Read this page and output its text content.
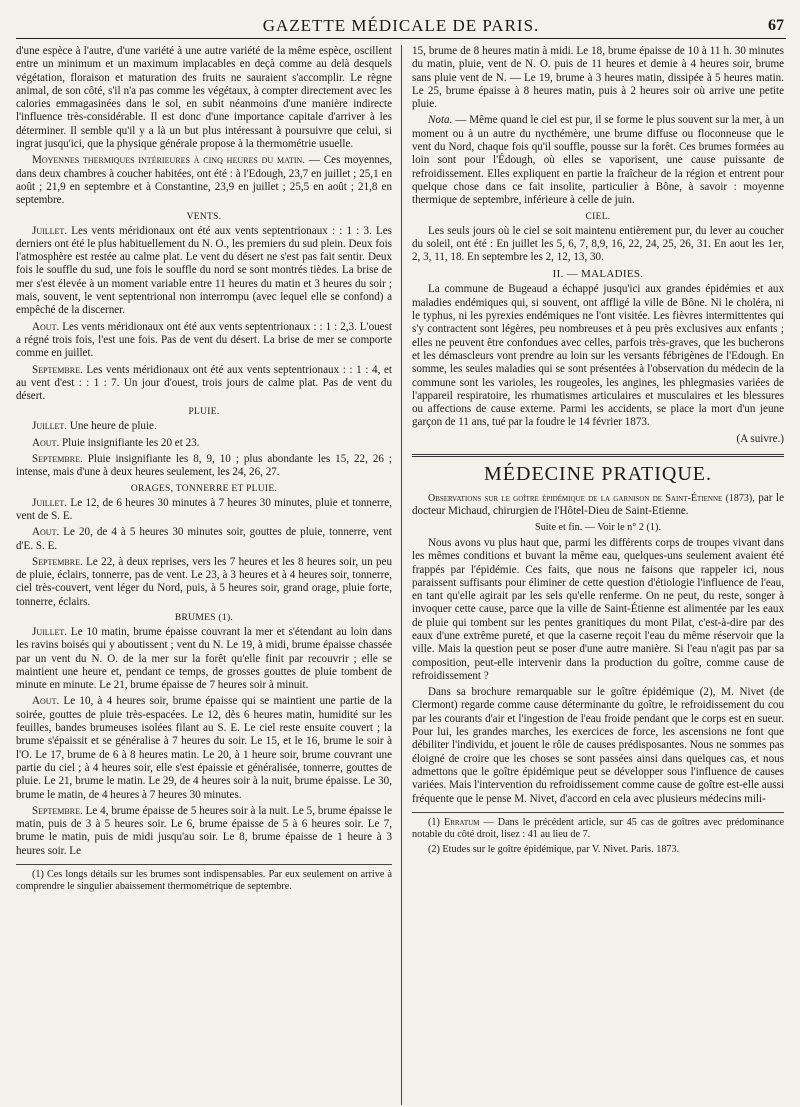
GAZETTE MÉDICALE DE PARIS.	67

d'une espèce à l'autre, d'une variété à une autre variété de la même espèce, oscillent entre un minimum et un maximum implacables en deçà comme au delà desquels végétation, floraison et maturation des fruits ne sauraient s'accomplir. Le règne animal, de son côté, s'il n'a pas comme les végétaux, à compter directement avec les calories emmagasinées dans le sol, en subit néanmoins d'une manière indirecte l'influence très-considérable. Il est donc d'une importance capitale d'arriver à les déterminer. Il semble qu'il y a là un but plus intéressant à poursuivre que celui, si ingrat jusqu'ici, que la physique générale propose à la thermométrie usuelle.

Moyennes thermiques intérieures à cinq heures du matin. — Ces moyennes, dans deux chambres à coucher habitées, ont été : à l'Edough, 23,7 en juillet ; 25,1 en août ; 21,9 en septembre et à Constantine, 23,9 en juillet ; 25,5 en août ; 21,8 en septembre.

VENTS.

Juillet. Les vents méridionaux ont été aux vents septentrionaux : : 1 : 3. Les derniers ont été le plus habituellement du N. O., les premiers du sud plein. Deux fois l'atmosphère est restée au calme plat. Le vent du désert ne s'est pas fait sentir. Deux fois le souffle du sud, une fois le souffle du nord se sont montrés tièdes. La brise de mer s'est élevée à un moment variable entre 11 heures du matin et 3 heures du soir ; mais, souvent, le vent septentrional non interrompu (avec lequel elle se confond) a empêché de la discerner.

Aout. Les vents méridionaux ont été aux vents septentrionaux : : 1 : 2,3. L'ouest a régné trois fois, l'est une fois. Pas de vent du désert. La brise de mer se comporte comme en juillet.

Septembre. Les vents méridionaux ont été aux vents septentrionaux : : 1 : 4, et au vent d'est : : 1 : 7. Un jour d'ouest, trois jours de calme plat. Pas de vent du désert.

PLUIE.

Juillet. Une heure de pluie.

Aout. Pluie insignifiante les 20 et 23.

Septembre. Pluie insignifiante les 8, 9, 10 ; plus abondante les 15, 22, 26 ; intense, mais d'une à deux heures seulement, les 24, 26, 27.

ORAGES, TONNERRE ET PLUIE.

Juillet. Le 12, de 6 heures 30 minutes à 7 heures 30 minutes, pluie et tonnerre, vent de S. E.

Aout. Le 20, de 4 à 5 heures 30 minutes soir, gouttes de pluie, tonnerre, vent d'E. S. E.

Septembre. Le 22, à deux reprises, vers les 7 heures et les 8 heures soir, un peu de pluie, éclairs, tonnerre, pas de vent. Le 23, à 3 heures et à 4 heures soir, tonnerre, ciel très-couvert, vent léger du Nord, puis, à 5 heures soir, grand orage, pluie forte, tonnerre, éclairs.

BRUMES (1).

Juillet. Le 10 matin, brume épaisse couvrant la mer et s'étendant au loin dans les ravins boisés qui y aboutissent ; vent du N. Le 19, à midi, brume épaisse chassée par un vent du N. O. de la mer sur la forêt qu'elle finit par recouvrir ; elle se maintient une heure et, pendant ce temps, de grosses gouttes de pluie tombent de minute en minute. Le 21, brume épaisse de 7 heures soir à minuit.

Aout. Le 10, à 4 heures soir, brume épaisse qui se maintient une partie de la soirée, gouttes de pluie très-espacées. Le 12, dès 6 heures matin, humidité sur les feuilles, bandes brumeuses isolées filant au S. E. Le ciel reste ensuite couvert ; la brume s'épaissit et se généralise à 7 heures du soir. Le 15, et le 16, brume le soir à l'O. Le 17, brume de 6 à 8 heures matin. Le 20, à 1 heure soir, brume couvrant une partie du ciel ; à 4 heures soir, elle s'est épaissie et généralisée, tonnerre, gouttes de pluie. Le 21, brume le matin. Le 29, de 4 heures soir à la nuit, brume épaisse. Le 30, brume le matin, de 4 heures à 7 heures 30 minutes.

Septembre. Le 4, brume épaisse de 5 heures soir à la nuit. Le 5, brume épaisse le matin, puis de 3 à 5 heures soir. Le 6, brume épaisse de 5 à 6 heures soir. Le 7, brume le matin, puis de midi jusqu'au soir. Le 8, brume épaisse de 1 heure à 3 heures soir. Le

(1) Ces longs détails sur les brumes sont indispensables. Par eux seulement on arrive à comprendre le singulier abaissement thermométrique de septembre.

15, brume de 8 heures matin à midi. Le 18, brume épaisse de 10 à 11 h. 30 minutes du matin, pluie, vent de N. O. puis de 11 heures et demie à 4 heures soir, brume sans pluie vent de N. — Le 19, brume à 3 heures matin, dissipée à 5 heures matin. Le 25, brume épaisse à 8 heures matin, puis à 2 heures soir où arrive une petite pluie.

Nota. — Même quand le ciel est pur, il se forme le plus souvent sur la mer, à un moment ou à un autre du nycthémère, une brume diffuse ou floconneuse que le vent du Nord, chaque fois qu'il souffle, pousse sur la forêt. Ces brumes formées au loin sont pour l'Édough, où elles se vaporisent, une cause puissante de refroidissement. Elles expliquent en partie la fraîcheur de la région et entrent pour quelque chose dans ce fait insolite, particulier à Bône, à savoir : moyenne thermique de septembre, inférieure à celle de juin.

CIEL.

Les seuls jours où le ciel se soit maintenu entièrement pur, du lever au coucher du soleil, ont été : En juillet les 5, 6, 7, 8,9, 16, 22, 24, 25, 26, 31. En aout les 1er, 2, 3, 11, 18. En septembre les 2, 12, 13, 30.

II. — MALADIES.

La commune de Bugeaud a échappé jusqu'ici aux grandes épidémies et aux maladies endémiques qui, si souvent, ont affligé la ville de Bône. Ni le choléra, ni le typhus, ni les pyrexies endémiques ne l'ont visitée. Les fièvres intermittentes qui s'y contractent sont légères, peu nombreuses et à peu près exclusives aux enfants ; elles ne peuvent être confondues avec celles, parfois très-graves, que les bucherons et les démascleurs vont prendre au loin sur les versants fébrigènes de l'Edough. En somme, les seules maladies qui se sont présentées à l'observation du médecin de la commune sont les varioles, les rougeoles, les angines, les phlegmasies variées de l'appareil respiratoire, les rhumatismes articulaires et musculaires et les blessures ou affections de cause externe. Parmi les accidents, se place la mort d'un jeune garçon de 11 ans, tué par la foudre le 14 février 1873.

(A suivre.)

MÉDECINE PRATIQUE.

Observations sur le goître épidémique de la garnison de Saint-Étienne (1873), par le docteur Michaud, chirurgien de l'Hôtel-Dieu de Saint-Etienne.

Suite et fin. — Voir le n° 2 (1).

Nous avons vu plus haut que, parmi les différents corps de troupes vivant dans les mêmes conditions et buvant la même eau, quelques-uns seulement avaient été frappés par l'épidémie. Ces faits, que nous ne faisons que rappeler ici, nous paraissent suffisants pour éliminer de cette question d'étiologie l'influence de l'eau, en tant qu'elle agirait par les sels qu'elle renferme. On ne peut, du reste, songer à invoquer cette cause, parce que la ville de Saint-Étienne est alimentée par les eaux de pluie qui tombent sur les pentes granitiques du mont Pilat, c'est-à-dire par des eaux d'une extrême pureté, et que la caserne reçoit l'eau du même réservoir que la ville. Mais la question peut se poser d'une autre manière. Si l'eau n'agit pas par sa composition, peut-elle intervenir dans la production du goître, comme cause de refroidissement ?

Dans sa brochure remarquable sur le goître épidémique (2), M. Nivet (de Clermont) regarde comme cause déterminante du goître, le refroidissement du cou par les courants d'air et l'ingestion de l'eau froide pendant que le corps est en sueur. Pour lui, les grandes marches, les exercices de force, les ascensions ne font que débiliter l'individu, et jouent le rôle de causes prédisposantes. Nous ne sommes pas éloigné de croire que les choses se sont passées ainsi dans quelques cas, et nous admettons que le goître épidémique peut se développer sous l'influence de causes variées. Mais l'intervention du refroidissement comme cause de goître est-elle aussi fréquente que le pense M. Nivet, d'accord en cela avec plusieurs médecins mili-

(1) Erratum — Dans le précédent article, sur 45 cas de goîtres avec prédominance notable du côté droit, lisez : 41 au lieu de 7.

(2) Etudes sur le goître épidémique, par V. Nivet. Paris. 1873.
